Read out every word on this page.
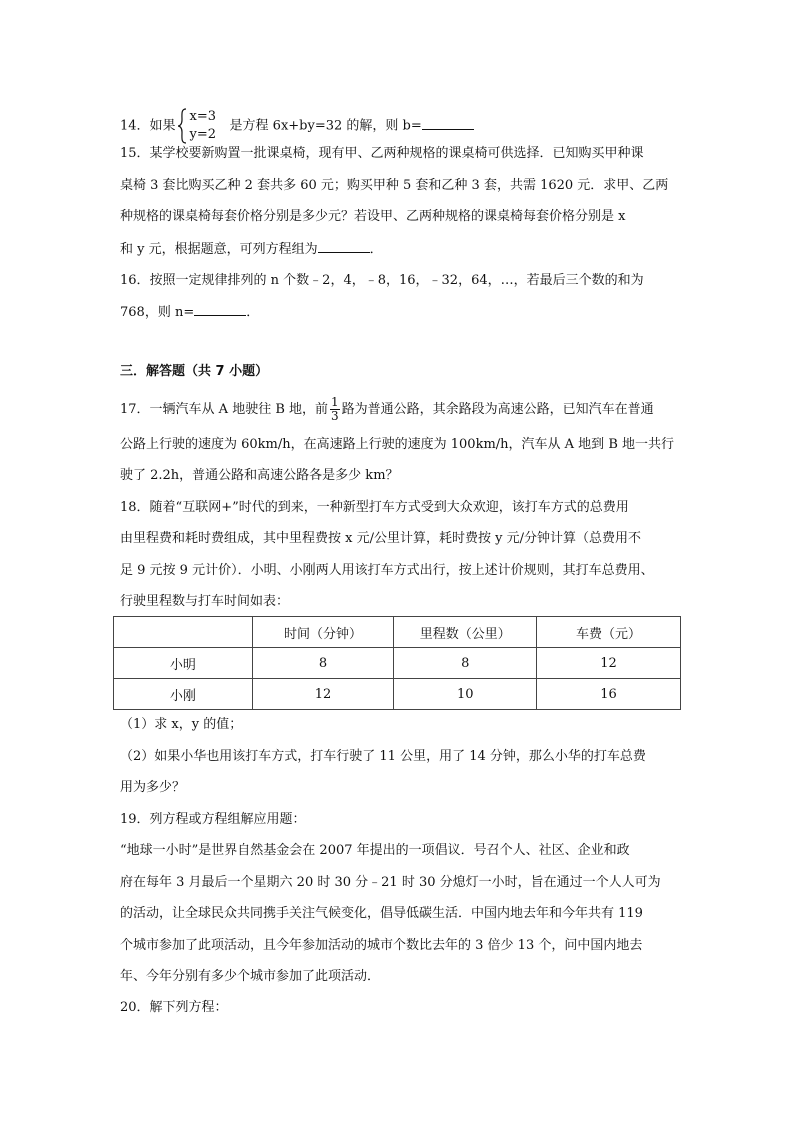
14．如果
x=3
y=2
是方程 6x+by=32 的解，则 b=
15．某学校要新购置一批课桌椅，现有甲、乙两种规格的课桌椅可供选择．已知购买甲种课
桌椅 3 套比购买乙种 2 套共多 60 元；购买甲种 5 套和乙种 3 套，共需 1620 元．求甲、乙两
种规格的课桌椅每套价格分别是多少元？若设甲、乙两种规格的课桌椅每套价格分别是 x
和 y 元，根据题意，可列方程组为	．
16．按照一定规律排列的 n 个数﹣2，4，﹣8，16，﹣32，64，…，若最后三个数的和为
768，则 n=	．
三．解答题（共 7 小题）
17．一辆汽车从 A 地驶往 B 地，前 $\frac{1}{3}$ 路为普通公路，其余路段为高速公路，已知汽车在普通
公路上行驶的速度为 60km/h，在高速路上行驶的速度为 100km/h，汽车从 A 地到 B 地一共行
驶了 2.2h，普通公路和高速公路各是多少 km？
18．随着“互联网+”时代的到来，一种新型打车方式受到大众欢迎，该打车方式的总费用
由里程费和耗时费组成，其中里程费按 x 元/公里计算，耗时费按 y 元/分钟计算（总费用不
足 9 元按 9 元计价）．小明、小刚两人用该打车方式出行，按上述计价规则，其打车总费用、
行驶里程数与打车时间如表：
	时间（分钟）	里程数（公里）	车费（元）
小明	8	8	12
小刚	12	10	16
（1）求 x，y 的值；
（2）如果小华也用该打车方式，打车行驶了 11 公里，用了 14 分钟，那么小华的打车总费
用为多少？
19．列方程或方程组解应用题：
“地球一小时”是世界自然基金会在 2007 年提出的一项倡议．号召个人、社区、企业和政
府在每年 3 月最后一个星期六 20 时 30 分﹣21 时 30 分熄灯一小时，旨在通过一个人人可为
的活动，让全球民众共同携手关注气候变化，倡导低碳生活．中国内地去年和今年共有 119
个城市参加了此项活动，且今年参加活动的城市个数比去年的 3 倍少 13 个，问中国内地去
年、今年分别有多少个城市参加了此项活动．
20．解下列方程：
